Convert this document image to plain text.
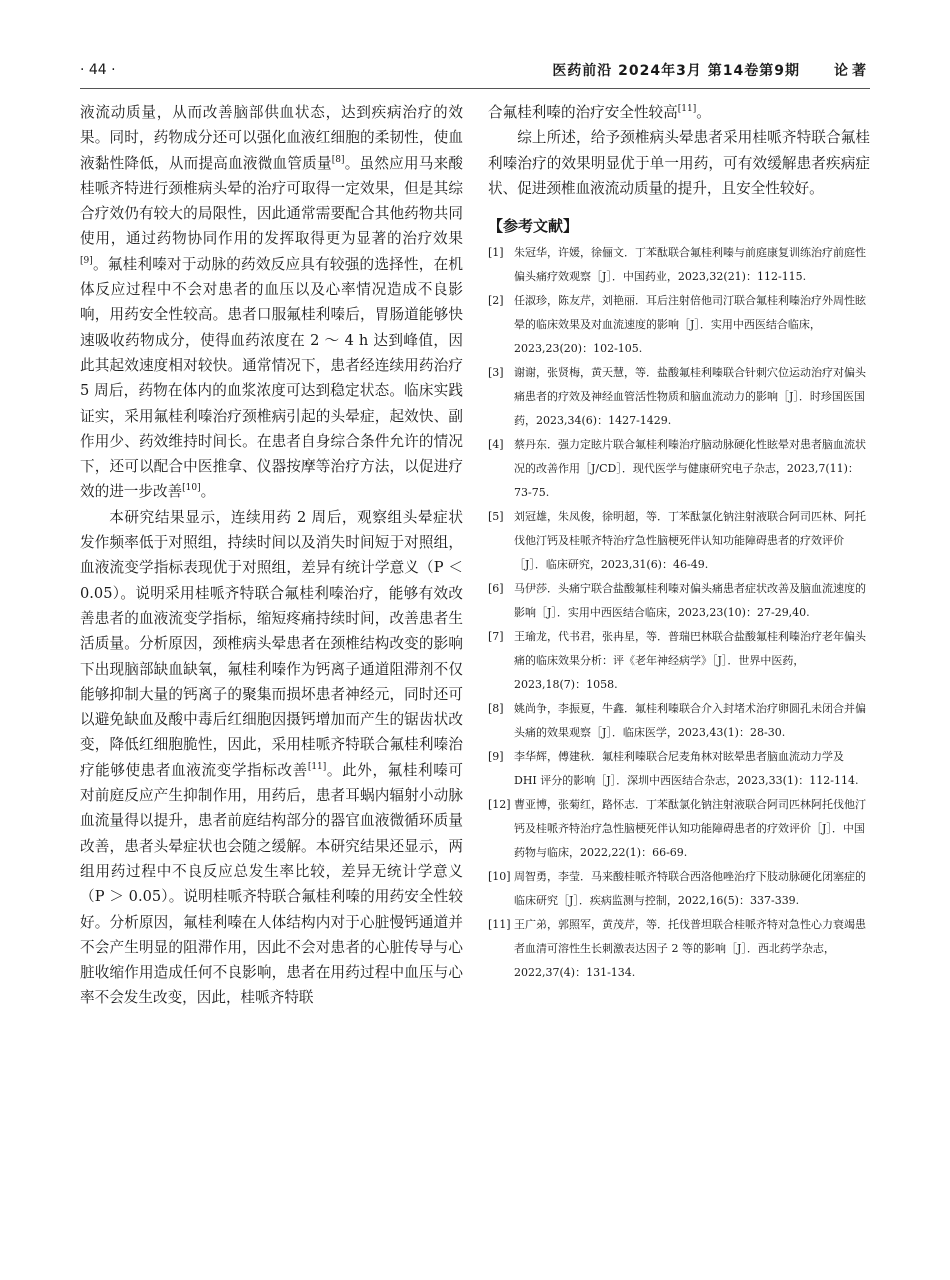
· 44 ·	医药前沿 2024年3月 第14卷第9期 论著

液流动质量，从而改善脑部供血状态，达到疾病治疗的效果。同时，药物成分还可以强化血液红细胞的柔韧性，使血液黏性降低，从而提高血液微血管质量[8]。虽然应用马来酸桂哌齐特进行颈椎病头晕的治疗可取得一定效果，但是其综合疗效仍有较大的局限性，因此通常需要配合其他药物共同使用，通过药物协同作用的发挥取得更为显著的治疗效果[9]。氟桂利嗪对于动脉的药效反应具有较强的选择性，在机体反应过程中不会对患者的血压以及心率情况造成不良影响，用药安全性较高。患者口服氟桂利嗪后，胃肠道能够快速吸收药物成分，使得血药浓度在 2 ～ 4 h 达到峰值，因此其起效速度相对较快。通常情况下，患者经连续用药治疗 5 周后，药物在体内的血浆浓度可达到稳定状态。临床实践证实，采用氟桂利嗪治疗颈椎病引起的头晕症，起效快、副作用少、药效维持时间长。在患者自身综合条件允许的情况下，还可以配合中医推拿、仪器按摩等治疗方法，以促进疗效的进一步改善[10]。

本研究结果显示，连续用药 2 周后，观察组头晕症状发作频率低于对照组，持续时间以及消失时间短于对照组，血液流变学指标表现优于对照组，差异有统计学意义（P ＜ 0.05）。说明采用桂哌齐特联合氟桂利嗪治疗，能够有效改善患者的血液流变学指标，缩短疼痛持续时间，改善患者生活质量。分析原因，颈椎病头晕患者在颈椎结构改变的影响下出现脑部缺血缺氧，氟桂利嗪作为钙离子通道阻滞剂不仅能够抑制大量的钙离子的聚集而损坏患者神经元，同时还可以避免缺血及酸中毒后红细胞因摄钙增加而产生的锯齿状改变，降低红细胞脆性，因此，采用桂哌齐特联合氟桂利嗪治疗能够使患者血液流变学指标改善[11]。此外，氟桂利嗪可对前庭反应产生抑制作用，用药后，患者耳蜗内辐射小动脉血流量得以提升，患者前庭结构部分的器官血液微循环质量改善，患者头晕症状也会随之缓解。本研究结果还显示，两组用药过程中不良反应总发生率比较，差异无统计学意义（P ＞ 0.05）。说明桂哌齐特联合氟桂利嗪的用药安全性较好。分析原因，氟桂利嗪在人体结构内对于心脏慢钙通道并不会产生明显的阻滞作用，因此不会对患者的心脏传导与心脏收缩作用造成任何不良影响，患者在用药过程中血压与心率不会发生改变，因此，桂哌齐特联

合氟桂利嗪的治疗安全性较高[11]。

综上所述，给予颈椎病头晕患者采用桂哌齐特联合氟桂利嗪治疗的效果明显优于单一用药，可有效缓解患者疾病症状、促进颈椎血液流动质量的提升，且安全性较好。

【参考文献】
[1] 朱冠华，许媛，徐俪文．丁苯酞联合氟桂利嗪与前庭康复训练治疗前庭性偏头痛疗效观察［J］．中国药业，2023,32(21)：112-115.
[2] 任淑珍，陈友芹，刘艳丽．耳后注射倍他司汀联合氟桂利嗪治疗外周性眩晕的临床效果及对血流速度的影响［J］．实用中西医结合临床，2023,23(20)：102-105.
[3] 谢谢，张贤梅，黄天慧，等．盐酸氟桂利嗪联合针刺穴位运动治疗对偏头痛患者的疗效及神经血管活性物质和脑血流动力的影响［J］．时珍国医国药，2023,34(6)：1427-1429.
[4] 蔡丹东．强力定眩片联合氟桂利嗪治疗脑动脉硬化性眩晕对患者脑血流状况的改善作用［J/CD］．现代医学与健康研究电子杂志，2023,7(11)：73-75.
[5] 刘冠雄，朱凤俊，徐明超，等．丁苯酞氯化钠注射液联合阿司匹林、阿托伐他汀钙及桂哌齐特治疗急性脑梗死伴认知功能障碍患者的疗效评价［J］．临床研究，2023,31(6)：46-49.
[6] 马伊莎．头痛宁联合盐酸氟桂利嗪对偏头痛患者症状改善及脑血流速度的影响［J］．实用中西医结合临床，2023,23(10)：27-29,40.
[7] 王瑜龙，代书君，张冉星，等．普瑞巴林联合盐酸氟桂利嗪治疗老年偏头痛的临床效果分析：评《老年神经病学》［J］．世界中医药，2023,18(7)：1058.
[8] 姚尚争，李振夏，牛鑫．氟桂利嗪联合介入封堵术治疗卵圆孔未闭合并偏头痛的效果观察［J］．临床医学，2023,43(1)：28-30.
[9] 李华辉，傅建秋．氟桂利嗪联合尼麦角林对眩晕患者脑血流动力学及 DHI 评分的影响［J］．深圳中西医结合杂志，2023,33(1)：112-114.
[12] 曹亚博，张菊红，路怀志．丁苯酞氯化钠注射液联合阿司匹林阿托伐他汀钙及桂哌齐特治疗急性脑梗死伴认知功能障碍患者的疗效评价［J］．中国药物与临床，2022,22(1)：66-69.
[10] 周智勇，李莹．马来酸桂哌齐特联合西洛他唑治疗下肢动脉硬化闭塞症的临床研究［J］．疾病监测与控制，2022,16(5)：337-339.
[11] 王广弟，郭照军，黄茂芹，等．托伐普坦联合桂哌齐特对急性心力衰竭患者血清可溶性生长刺激表达因子 2 等的影响［J］．西北药学杂志，2022,37(4)：131-134.
